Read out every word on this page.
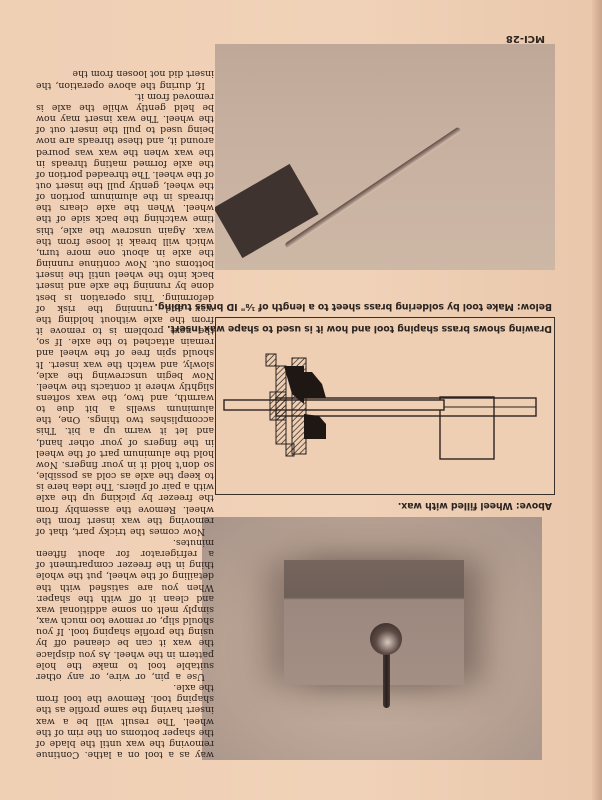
Above: Wheel filled with wax.
Drawing shows brass shaping tool and how it is used to shape wax insert.
Below: Make tool by soldering brass sheet to a length of ⅛" ID brass tubing.

way as a tool on a lathe. Continue removing the wax until the blade of the shaper bottoms on the rim of the wheel. The result will be a wax insert having the same profile as the shaping tool. Remove the tool from the axle.

Use a pin, or wire, or any other suitable tool to make the hole pattern in the wheel. As you displace the wax it can be cleaned off by using the profile shaping tool. If you should slip, or remove too much wax, simply melt on some additional wax and clean it off with the shaper. When you are satisfied with the detailing of the wheel, put the whole thing in the freezer compartment of a refrigerator for about fifteen minutes.

Now comes the tricky part, that of removing the wax insert from the wheel. Remove the assembly from the freezer by picking up the axle with a pair of pliers. The idea here is to keep the axle as cold as possible, so don't hold it in your fingers. Now hold the aluminum part of the wheel in the fingers of your other hand, and let it warm up a bit. This accomplishes two things. One, the aluminum swells a bit due to warmth, and two, the wax softens slightly where it contacts the wheel. Now begin unscrewing the axle, slowly, and watch the wax insert. It should spin free of the wheel and remain attached to the axle. If so, the next problem is to remove it from the axle without holding the wax and running the risk of deforming. This operation is best done by running the axle and insert back into the wheel until the insert bottoms out. Now continue running the axle in about one more turn, which will break it loose from the wax. Again unscrew the axle, this time watching the back side of the wheel. When the axle clears the threads in the aluminum portion of the wheel, gently pull the insert out of the wheel. The threaded portion of the axle formed mating threads in the wax when the wax was poured around it, and these threads are now being used to pull the insert out of the wheel. The wax insert may now be held gently while the axle is removed from it.

If, during the above operation, the insert did not loosen from the

MCI-28
